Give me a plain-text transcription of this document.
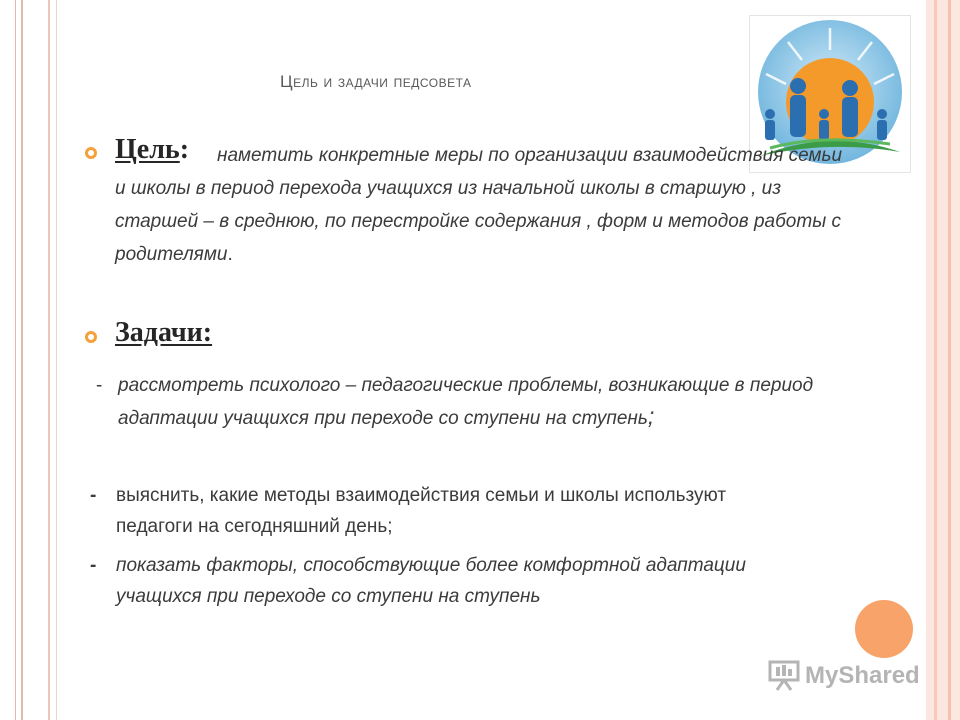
Цель и задачи педсовета
Цель:	наметить конкретные меры по организации взаимодействия семьи и школы в период перехода учащихся из начальной школы в старшую , из старшей – в среднюю, по перестройке содержания , форм и методов работы с родителями.
Задачи:
- рассмотреть психолого – педагогические проблемы, возникающие в период адаптации учащихся при переходе со ступени на ступень;
-	выяснить, какие методы взаимодействия семьи и школы используют педагоги на сегодняшний день;
-	показать факторы, способствующие более комфортной адаптации учащихся при переходе со ступени на ступень
MyShared
